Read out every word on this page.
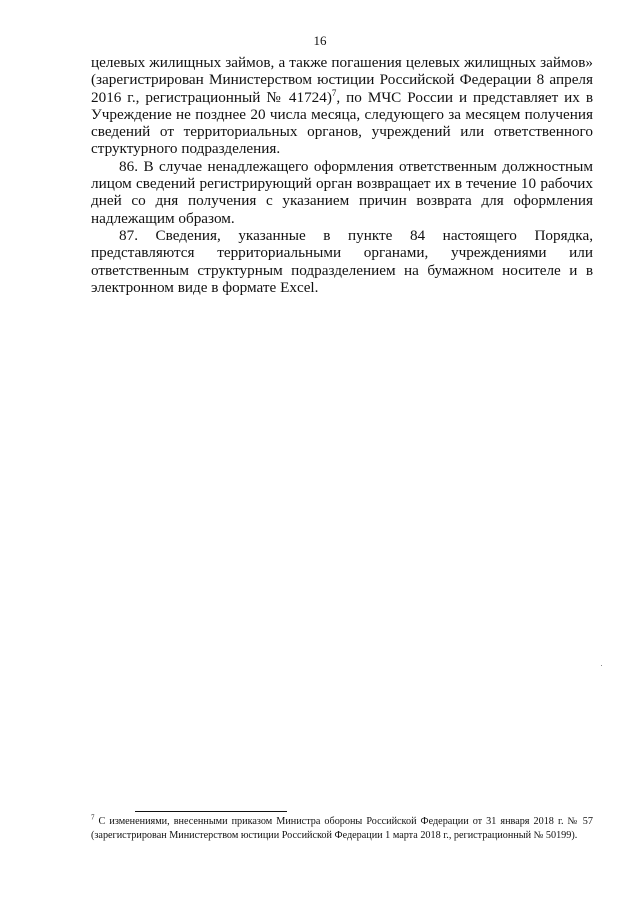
16

целевых жилищных займов, а также погашения целевых жилищных займов» (зарегистрирован Министерством юстиции Российской Федерации 8 апреля 2016 г., регистрационный № 41724)$^7$, по МЧС России и представляет их в Учреждение не позднее 20 числа месяца, следующего за месяцем получения сведений от территориальных органов, учреждений или ответственного структурного подразделения.

86. В случае ненадлежащего оформления ответственным должностным лицом сведений регистрирующий орган возвращает их в течение 10 рабочих дней со дня получения с указанием причин возврата для оформления надлежащим образом.

87. Сведения, указанные в пункте 84 настоящего Порядка, представляются территориальными органами, учреждениями или ответственным структурным подразделением на бумажном носителе и в электронном виде в формате Excel.

$^7$ С изменениями, внесенными приказом Министра обороны Российской Федерации от 31 января 2018 г. № 57 (зарегистрирован Министерством юстиции Российской Федерации 1 марта 2018 г., регистрационный № 50199).
